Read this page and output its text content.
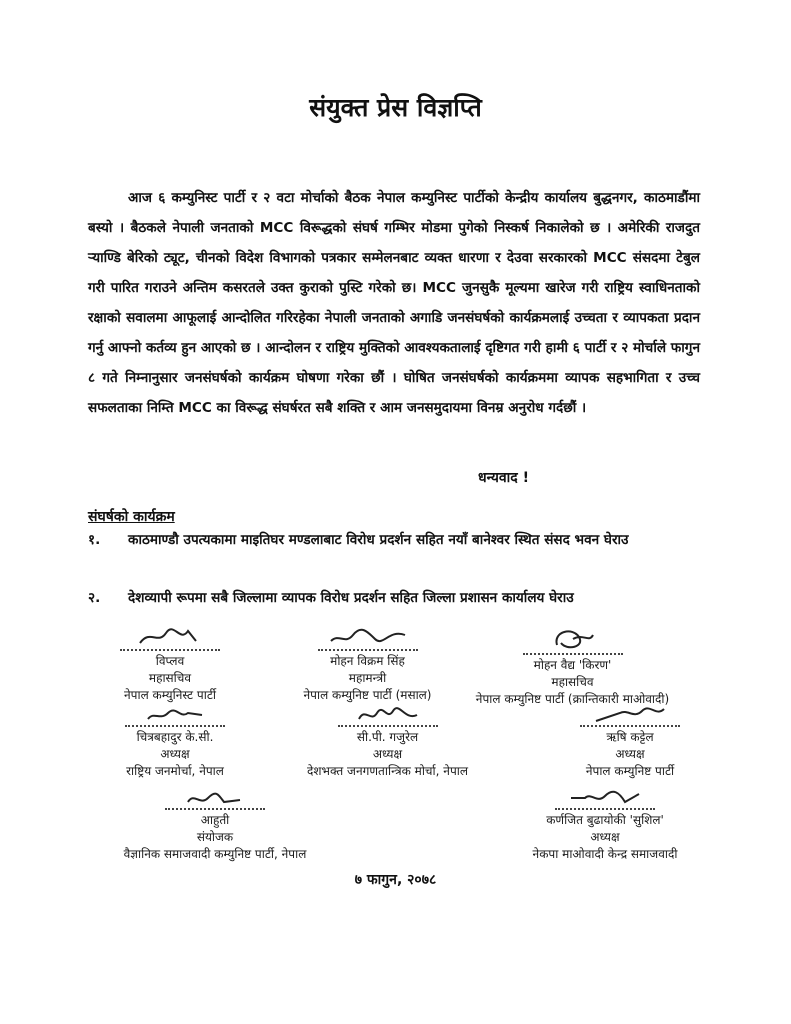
संयुक्त प्रेस विज्ञप्ति
आज ६ कम्युनिस्ट पार्टी र २ वटा मोर्चाको बैठक नेपाल कम्युनिस्ट पार्टीको केन्द्रीय कार्यालय बुद्धनगर, काठमाडौंमा बस्यो । बैठकले नेपाली जनताको MCC विरूद्धको संघर्ष गम्भिर मोडमा पुगेको निस्कर्ष निकालेको छ । अमेरिकी राजदुत ऱ्याण्डि बेरिको ट्यूट, चीनको विदेश विभागको पत्रकार सम्मेलनबाट व्यक्त धारणा र देउवा सरकारको MCC संसदमा टेबुल गरी पारित गराउने अन्तिम कसरतले उक्त कुराको पुस्टि गरेको छ। MCC जुनसुकै मूल्यमा खारेज गरी राष्ट्रिय स्वाधिनताको रक्षाको सवालमा आफूलाई आन्दोलित गरिरहेका नेपाली जनताको अगाडि जनसंघर्षको कार्यक्रमलाई उच्चता र व्यापकता प्रदान गर्नु आफ्नो कर्तव्य हुन आएको छ । आन्दोलन र राष्ट्रिय मुक्तिको आवश्यकतालाई दृष्टिगत गरी हामी ६ पार्टी र २ मोर्चाले फागुन ८ गते निम्नानुसार जनसंघर्षको कार्यक्रम घोषणा गरेका छौं । घोषित जनसंघर्षको कार्यक्रममा व्यापक सहभागिता र उच्च सफलताका निम्ति MCC का विरूद्ध संघर्षरत सबै शक्ति र आम जनसमुदायमा विनम्र अनुरोध गर्दछौं ।
धन्यवाद !
संघर्षको कार्यक्रम
१.	काठमाण्डौ उपत्यकामा माइतिघर मण्डलाबाट विरोध प्रदर्शन सहित नयाँ बानेश्वर स्थित संसद भवन घेराउ
२.	देशव्यापी रूपमा सबै जिल्लामा व्यापक विरोध प्रदर्शन सहित जिल्ला प्रशासन कार्यालय घेराउ
विप्लव
महासचिव
नेपाल कम्युनिस्ट पार्टी
मोहन विक्रम सिंह
महामन्त्री
नेपाल कम्युनिष्ट पार्टी (मसाल)
मोहन वैद्य 'किरण'
महासचिव
नेपाल कम्युनिष्ट पार्टी (क्रान्तिकारी माओवादी)
चित्रबहादुर के.सी.
अध्यक्ष
राष्ट्रिय जनमोर्चा, नेपाल
सी.पी. गजुरेल
अध्यक्ष
देशभक्त जनगणतान्त्रिक मोर्चा, नेपाल
ऋषि कट्टेल
अध्यक्ष
नेपाल कम्युनिष्ट पार्टी
आहुती
संयोजक
वैज्ञानिक समाजवादी कम्युनिष्ट पार्टी, नेपाल
कर्णजित बुढायोकी 'सुशिल'
अध्यक्ष
नेकपा माओवादी केन्द्र समाजवादी
७ फागुन, २०७८
